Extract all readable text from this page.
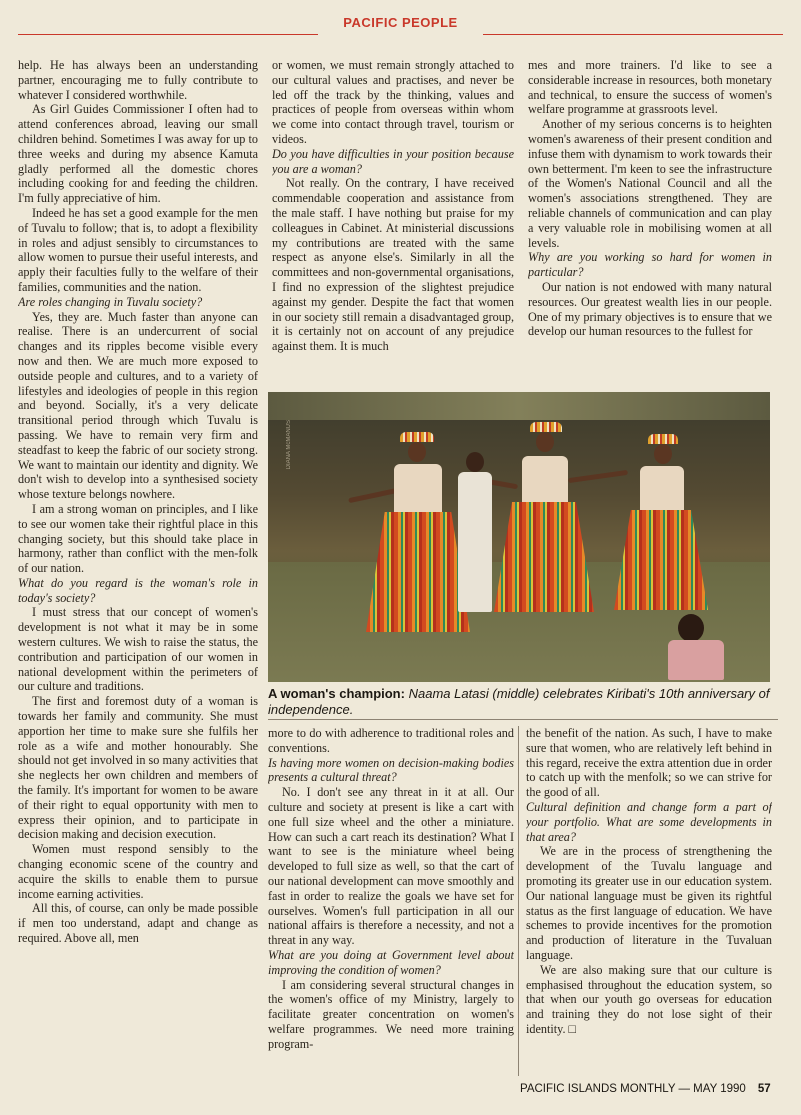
PACIFIC PEOPLE

help. He has always been an understanding partner, encouraging me to fully contribute to whatever I considered worthwhile.

As Girl Guides Commissioner I often had to attend conferences abroad, leaving our small children behind. Sometimes I was away for up to three weeks and during my absence Kamuta gladly performed all the domestic chores including cooking for and feeding the children. I'm fully appreciative of him.

Indeed he has set a good example for the men of Tuvalu to follow; that is, to adopt a flexibility in roles and adjust sensibly to circumstances to allow women to pursue their useful interests, and apply their faculties fully to the welfare of their families, communities and the nation.

Are roles changing in Tuvalu society?

Yes, they are. Much faster than anyone can realise. There is an undercurrent of social changes and its ripples become visible every now and then. We are much more exposed to outside people and cultures, and to a variety of lifestyles and ideologies of people in this region and beyond. Socially, it's a very delicate transitional period through which Tuvalu is passing. We have to remain very firm and steadfast to keep the fabric of our society strong. We want to maintain our identity and dignity. We don't wish to develop into a synthesised society whose texture belongs nowhere.

I am a strong woman on principles, and I like to see our women take their rightful place in this changing society, but this should take place in harmony, rather than conflict with the men-folk of our nation.

What do you regard is the woman's role in today's society?

I must stress that our concept of women's development is not what it may be in some western cultures. We wish to raise the status, the contribution and participation of our women in national development within the perimeters of our culture and traditions.

The first and foremost duty of a woman is towards her family and community. She must apportion her time to make sure she fulfils her role as a wife and mother honourably. She should not get involved in so many activities that she neglects her own children and members of the family. It's important for women to be aware of their right to equal opportunity with men to express their opinion, and to participate in decision making and decision execution.

Women must respond sensibly to the changing economic scene of the country and acquire the skills to enable them to pursue income earning activities.

All this, of course, can only be made possible if men too understand, adapt and change as required. Above all, men

or women, we must remain strongly attached to our cultural values and practises, and never be led off the track by the thinking, values and practices of people from overseas within whom we come into contact through travel, tourism or videos.

Do you have difficulties in your position because you are a woman?

Not really. On the contrary, I have received commendable cooperation and assistance from the male staff. I have nothing but praise for my colleagues in Cabinet. At ministerial discussions my contributions are treated with the same respect as anyone else's. Similarly in all the committees and non-governmental organisations, I find no expression of the slightest prejudice against my gender. Despite the fact that women in our society still remain a disadvantaged group, it is certainly not on account of any prejudice against them. It is much

mes and more trainers. I'd like to see a considerable increase in resources, both monetary and technical, to ensure the success of women's welfare programme at grassroots level.

Another of my serious concerns is to heighten women's awareness of their present condition and infuse them with dynamism to work towards their own betterment. I'm keen to see the infrastructure of the Women's National Council and all the women's associations strengthened. They are reliable channels of communication and can play a very valuable role in mobilising women at all levels.

Why are you working so hard for women in particular?

Our nation is not endowed with many natural resources. Our greatest wealth lies in our people. One of my primary objectives is to ensure that we develop our human resources to the fullest for

DIANA McMANUS
A woman's champion: Naama Latasi (middle) celebrates Kiribati's 10th anniversary of independence.

more to do with adherence to traditional roles and conventions.

Is having more women on decision-making bodies presents a cultural threat?

No. I don't see any threat in it at all. Our culture and society at present is like a cart with one full size wheel and the other a miniature. How can such a cart reach its destination? What I want to see is the miniature wheel being developed to full size as well, so that the cart of our national development can move smoothly and fast in order to realize the goals we have set for ourselves. Women's full participation in all our national affairs is therefore a necessity, and not a threat in any way.

What are you doing at Government level about improving the condition of women?

I am considering several structural changes in the women's office of my Ministry, largely to facilitate greater concentration on women's welfare programmes. We need more training program-

the benefit of the nation. As such, I have to make sure that women, who are relatively left behind in this regard, receive the extra attention due in order to catch up with the menfolk; so we can strive for the good of all.

Cultural definition and change form a part of your portfolio. What are some developments in that area?

We are in the process of strengthening the development of the Tuvalu language and promoting its greater use in our education system. Our national language must be given its rightful status as the first language of education. We have schemes to provide incentives for the promotion and production of literature in the Tuvaluan language.

We are also making sure that our culture is emphasised throughout the education system, so that when our youth go overseas for education and training they do not lose sight of their identity. □

PACIFIC ISLANDS MONTHLY — MAY 1990 57
